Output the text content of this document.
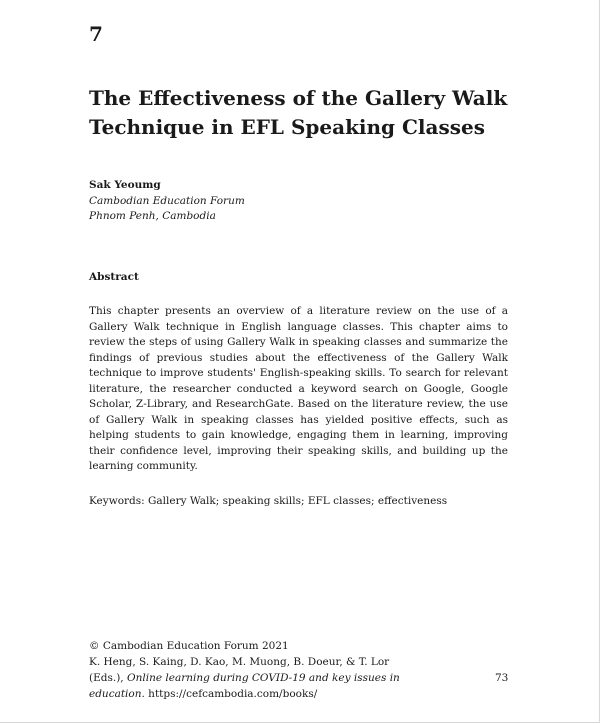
7
The Effectiveness of the Gallery Walk Technique in EFL Speaking Classes
Sak Yeoumg
Cambodian Education Forum
Phnom Penh, Cambodia
Abstract

This chapter presents an overview of a literature review on the use of a Gallery Walk technique in English language classes. This chapter aims to review the steps of using Gallery Walk in speaking classes and summarize the findings of previous studies about the effectiveness of the Gallery Walk technique to improve students' English-speaking skills. To search for relevant literature, the researcher conducted a keyword search on Google, Google Scholar, Z-Library, and ResearchGate. Based on the literature review, the use of Gallery Walk in speaking classes has yielded positive effects, such as helping students to gain knowledge, engaging them in learning, improving their confidence level, improving their speaking skills, and building up the learning community.

Keywords: Gallery Walk; speaking skills; EFL classes; effectiveness
© Cambodian Education Forum 2021
K. Heng, S. Kaing, D. Kao, M. Muong, B. Doeur, & T. Lor
(Eds.), Online learning during COVID-19 and key issues in education. https://cefcambodia.com/books/
73
